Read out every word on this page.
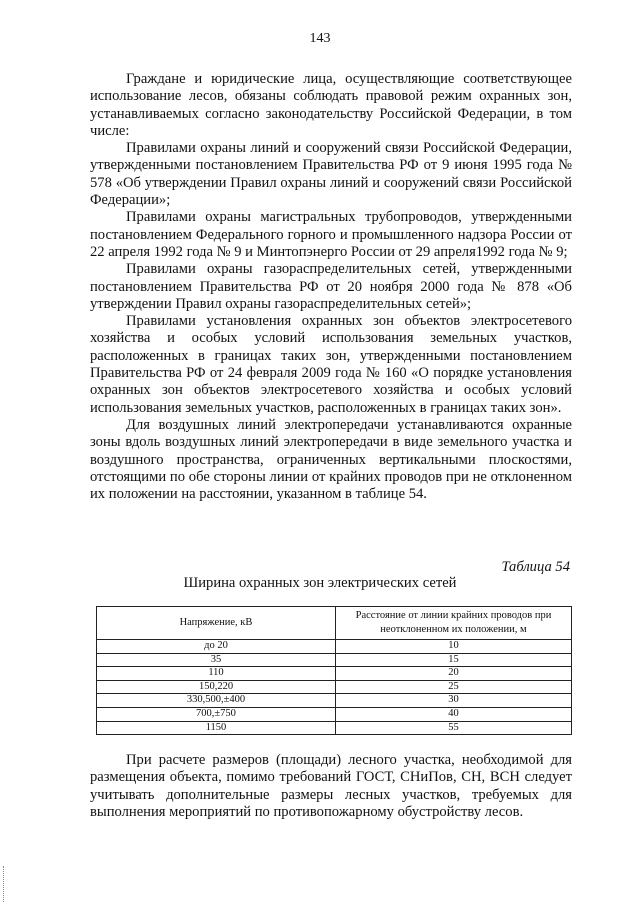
143

Граждане и юридические лица, осуществляющие соответствующее использование лесов, обязаны соблюдать правовой режим охранных зон, устанавливаемых согласно законодательству Российской Федерации, в том числе:

Правилами охраны линий и сооружений связи Российской Федерации, утвержденными постановлением Правительства РФ от 9 июня 1995 года № 578 «Об утверждении Правил охраны линий и сооружений связи Российской Федерации»;

Правилами охраны магистральных трубопроводов, утвержденными постановлением Федерального горного и промышленного надзора России от 22 апреля 1992 года № 9 и Минтопэнерго России от 29 апреля1992 года № 9;

Правилами охраны газораспределительных сетей, утвержденными постановлением Правительства РФ от 20 ноября 2000 года № 878 «Об утверждении Правил охраны газораспределительных сетей»;

Правилами установления охранных зон объектов электросетевого хозяйства и особых условий использования земельных участков, расположенных в границах таких зон, утвержденными постановлением Правительства РФ от 24 февраля 2009 года № 160 «О порядке установления охранных зон объектов электросетевого хозяйства и особых условий использования земельных участков, расположенных в границах таких зон».

Для воздушных линий электропередачи устанавливаются охранные зоны вдоль воздушных линий электропередачи в виде земельного участка и воздушного пространства, ограниченных вертикальными плоскостями, отстоящими по обе стороны линии от крайних проводов при не отклоненном их положении на расстоянии, указанном в таблице 54.

Таблица 54
Ширина охранных зон электрических сетей
Напряжение, кВ	Расстояние от линии крайних проводов при неотклоненном их положении, м
до 20	10
35	15
110	20
150,220	25
330,500,±400	30
700,±750	40
1150	55

При расчете размеров (площади) лесного участка, необходимой для размещения объекта, помимо требований ГОСТ, СНиПов, СН, ВСН следует учитывать дополнительные размеры лесных участков, требуемых для выполнения мероприятий по противопожарному обустройству лесов.
